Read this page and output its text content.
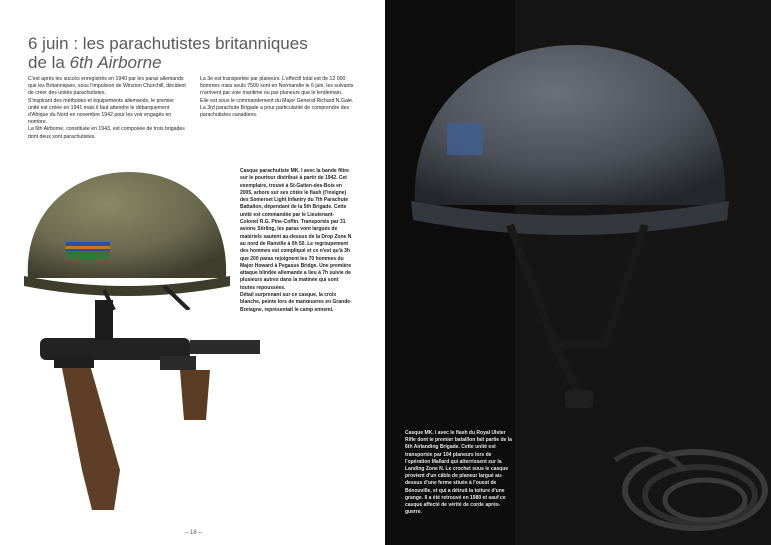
6 juin : les parachutistes britanniques
de la 6th Airborne

C'est après les succès enregistrés en 1940 par les paras allemands que les Britanniques, sous l'impulsion de Winston Churchill, décident de créer des unités parachutistes.

S'inspirant des méthodes et équipements allemands, le premier unité est créée en 1941 mais il faut attendre le débarquement d'Afrique du Nord en novembre 1942 pour les voir engagés en nombre.

La 6th Airborne, constituée en 1943, est composée de trois brigades dont deux sont parachutistes.

La 3e est transportée par planeurs. L'effectif total est de 12 000 hommes mais seuls 7500 sont en Normandie le 6 juin, les suivants n'arrivent par voie maritime ou par planeurs que le lendemain.

Elle est sous le commandement du Major General Richard N.Gale.

La 3rd parachute Brigade a pour particularité de comprendre des parachutistes canadiens.

Casque parachutiste MK. I avec la bande filtre sur le pourtour distribué à partir de 1942. Cet exemplaire, trouvé à St-Gatien-des-Bois en 2005, arbore sur ses côtés le flash (l'insigne) des Somerset Light Infantry du 7th Parachute Battalion, dépendant de la 5th Brigade. Cette unité est commandée par le Lieutenant-Colonel R.G. Pine-Coffin. Transportés par 31 avions Stirling, les paras vont largués de matériels sautent au-dessus de la Drop Zone N au nord de Ranville à 0h 50. Le regroupement des hommes est compliqué et ce n'est qu'à 3h que 200 paras rejoignent les 70 hommes du Major Howard à Pegasus Bridge. Une première attaque blindée allemande a lieu à 7h suivie de plusieurs autres dans la matinée qui sont toutes repoussées.

Détail surprenant sur ce casque, la croix blanche, peinte lors de manœuvres en Grande-Bretagne, représentait le camp ennemi.

– 18 –

Casque MK. I avec le flash du Royal Ulster Rifle dont le premier bataillon fait partie de la 6th Airlanding Brigade. Cette unité est transportée par 104 planeurs lors de l'opération Mallard qui atterrissent sur la Landing Zone N. Le crochet sous le casque provient d'un câble de planeur largué au-dessus d'une ferme située à l'ouest de Bénouville, et qui a détruit la toiture d'une grange. Il a été retrouvé en 1980 et sauf ce casque affecté de vérité de corde après-guerre.
